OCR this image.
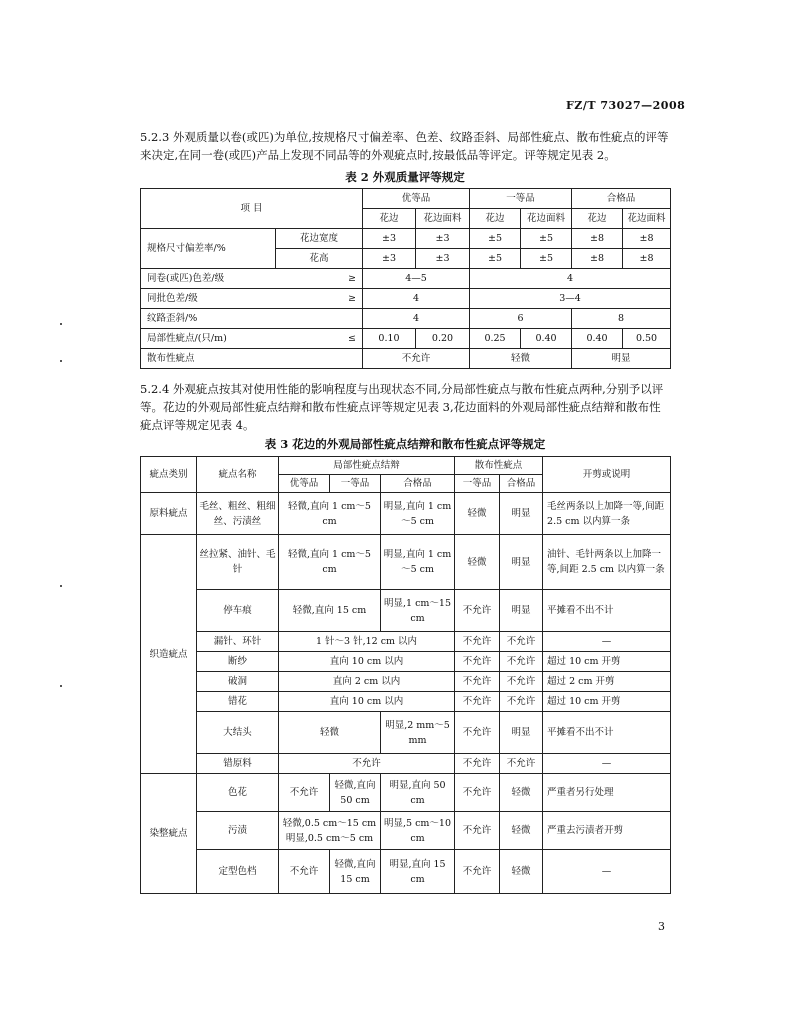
FZ/T 73027—2008
5.2.3 外观质量以卷(或匹)为单位,按规格尺寸偏差率、色差、纹路歪斜、局部性疵点、散布性疵点的评等来决定,在同一卷(或匹)产品上发现不同品等的外观疵点时,按最低品等评定。评等规定见表 2。
表 2 外观质量评等规定
项 目		优等品		一等品		合格品	
		花边	花边面料	花边	花边面料	花边	花边面料
规格尺寸偏差率/%	花边宽度	±3	±3	±5	±5	±8	±8
	花高	±3	±3	±5	±5	±8	±8
同卷(或匹)色差/级 ≥		4—5		4			
同批色差/级 ≥		4		3—4			
纹路歪斜/%		4		6		8	
局部性疵点/(只/m) ≤		0.10	0.20	0.25	0.40	0.40	0.50
散布性疵点		不允许		轻微		明显	
5.2.4 外观疵点按其对使用性能的影响程度与出现状态不同,分局部性疵点与散布性疵点两种,分别予以评等。花边的外观局部性疵点结辩和散布性疵点评等规定见表 3,花边面料的外观局部性疵点结辩和散布性疵点评等规定见表 4。
表 3 花边的外观局部性疵点结辩和散布性疵点评等规定
疵点类别	疵点名称	局部性疵点结辩			散布性疵点		开剪或说明
		优等品	一等品	合格品	一等品	合格品	
原料疵点	毛丝、粗丝、粗细丝、污渍丝	轻微,直向 1 cm～5 cm		明显,直向 1 cm～5 cm	轻微	明显	毛丝两条以上加降一等,间距 2.5 cm 以内算一条
织造疵点	丝拉紧、油针、毛针	轻微,直向 1 cm～5 cm		明显,直向 1 cm～5 cm	轻微	明显	油针、毛针两条以上加降一等,间距 2.5 cm 以内算一条
	停车痕	轻微,直向 15 cm		明显,1 cm～15 cm	不允许	明显	平摊看不出不计
	漏针、环针	1 针～3 针,12 cm 以内			不允许	不允许	—
	断纱	直向 10 cm 以内			不允许	不允许	超过 10 cm 开剪
	破洞	直向 2 cm 以内			不允许	不允许	超过 2 cm 开剪
	错花	直向 10 cm 以内			不允许	不允许	超过 10 cm 开剪
	大结头	轻微		明显,2 mm～5 mm	不允许	明显	平摊看不出不计
	错原料	不允许			不允许	不允许	—
染整疵点	色花	不允许	轻微,直向 50 cm	明显,直向 50 cm	不允许	轻微	严重者另行处理
	污渍	轻微,0.5 cm～15 cm 明显,0.5 cm～5 cm		明显,5 cm～10 cm	不允许	轻微	严重去污渍者开剪
	定型色档	不允许	轻微,直向 15 cm	明显,直向 15 cm	不允许	轻微	—
3
